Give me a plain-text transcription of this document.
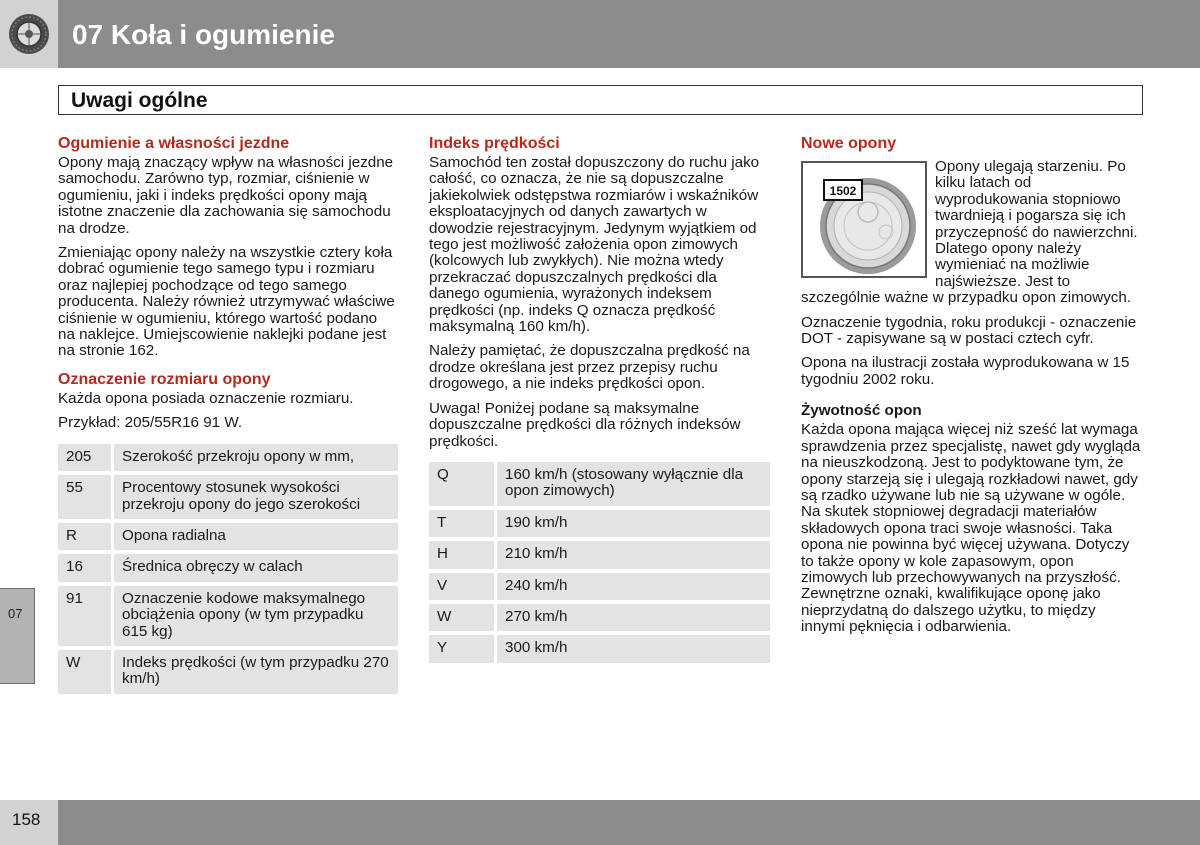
07 Koła i ogumienie
Uwagi ogólne
Ogumienie a własności jezdne

Opony mają znaczący wpływ na własności jezdne samochodu. Zarówno typ, rozmiar, ciśnienie w ogumieniu, jaki i indeks prędkości opony mają istotne znaczenie dla zachowania się samochodu na drodze.

Zmieniając opony należy na wszystkie cztery koła dobrać ogumienie tego samego typu i rozmiaru oraz najlepiej pochodzące od tego samego producenta. Należy również utrzymywać właściwe ciśnienie w ogumieniu, którego wartość podano na naklejce. Umiejscowienie naklejki podane jest na stronie 162.

Oznaczenie rozmiaru opony

Każda opona posiada oznaczenie rozmiaru.

Przykład: 205/55R16 91 W.

205	Szerokość przekroju opony w mm,
55	Procentowy stosunek wysokości przekroju opony do jego szerokości
R	Opona radialna
16	Średnica obręczy w calach
91	Oznaczenie kodowe maksymalnego obciążenia opony (w tym przypadku 615 kg)
W	Indeks prędkości (w tym przypadku 270 km/h)
Indeks prędkości

Samochód ten został dopuszczony do ruchu jako całość, co oznacza, że nie są dopuszczalne jakiekolwiek odstępstwa rozmiarów i wskaźników eksploatacyjnych od danych zawartych w dowodzie rejestracyjnym. Jedynym wyjątkiem od tego jest możliwość założenia opon zimowych (kolcowych lub zwykłych). Nie można wtedy przekraczać dopuszczalnych prędkości dla danego ogumienia, wyrażonych indeksem prędkości (np. indeks Q oznacza prędkość maksymalną 160 km/h).

Należy pamiętać, że dopuszczalna prędkość na drodze określana jest przez przepisy ruchu drogowego, a nie indeks prędkości opon.

Uwaga! Poniżej podane są maksymalne dopuszczalne prędkości dla różnych indeksów prędkości.

Q	160 km/h (stosowany wyłącznie dla opon zimowych)
T	190 km/h
H	210 km/h
V	240 km/h
W	270 km/h
Y	300 km/h
Nowe opony
1502

Opony ulegają starzeniu. Po kilku latach od wyprodukowania stopniowo twardnieją i pogarsza się ich przyczepność do nawierzchni. Dlatego opony należy wymieniać na możliwie najświeższe. Jest to szczególnie ważne w przypadku opon zimowych.

Oznaczenie tygodnia, roku produkcji - oznaczenie DOT - zapisywane są w postaci cztech cyfr.

Opona na ilustracji została wyprodukowana w 15 tygodniu 2002 roku.

Żywotność opon

Każda opona mająca więcej niż sześć lat wymaga sprawdzenia przez specjalistę, nawet gdy wygląda na nieuszkodzoną. Jest to podyktowane tym, że opony starzeją się i ulegają rozkładowi nawet, gdy są rzadko używane lub nie są używane w ogóle. Na skutek stopniowej degradacji materiałów składowych opona traci swoje własności. Taka opona nie powinna być więcej używana. Dotyczy to także opony w kole zapasowym, opon zimowych lub przechowywanych na przyszłość. Zewnętrzne oznaki, kwalifikujące oponę jako nieprzydatną do dalszego użytku, to między innymi pęknięcia i odbarwienia.

07
158
